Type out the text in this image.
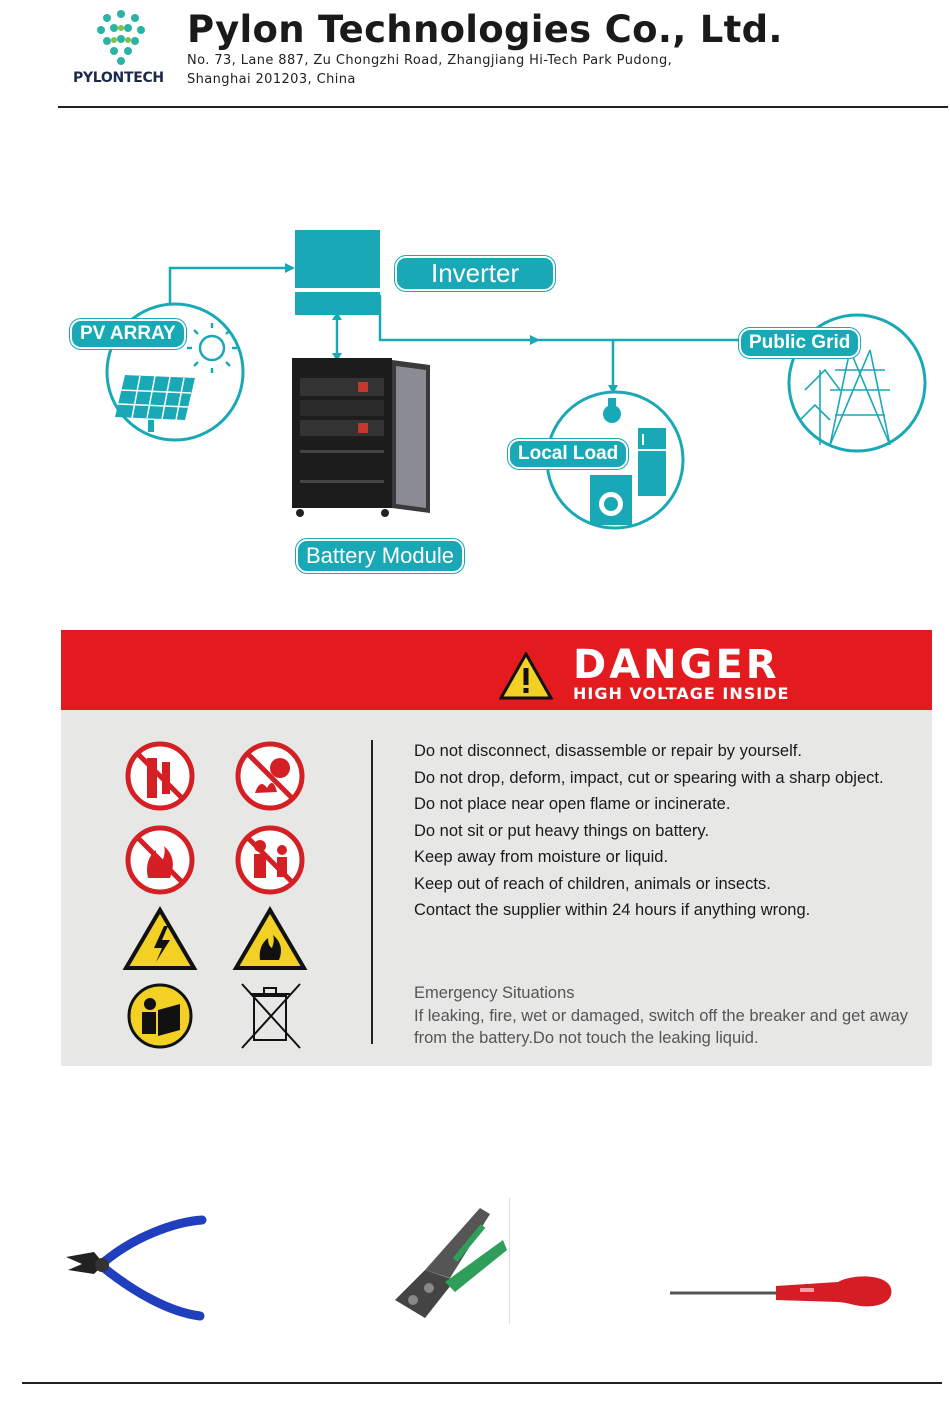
PYLONTECH
Pylon Technologies Co., Ltd.
No. 73, Lane 887, Zu Chongzhi Road, Zhangjiang Hi-Tech Park Pudong,
Shanghai 201203, China
Inverter
PV ARRAY	Public Grid
Local Load
Battery Module
DANGER
HIGH VOLTAGE INSIDE
Do not disconnect, disassemble or repair by yourself.
Do not drop, deform, impact, cut or spearing with a sharp object.
Do not place near open flame or incinerate.
Do not sit or put heavy things on battery.
Keep away from moisture or liquid.
Keep out of reach of children, animals or insects.
Contact the supplier within 24 hours if anything wrong.
Emergency Situations
If leaking, fire, wet or damaged, switch off the breaker and get away from the battery.Do not touch the leaking liquid.
